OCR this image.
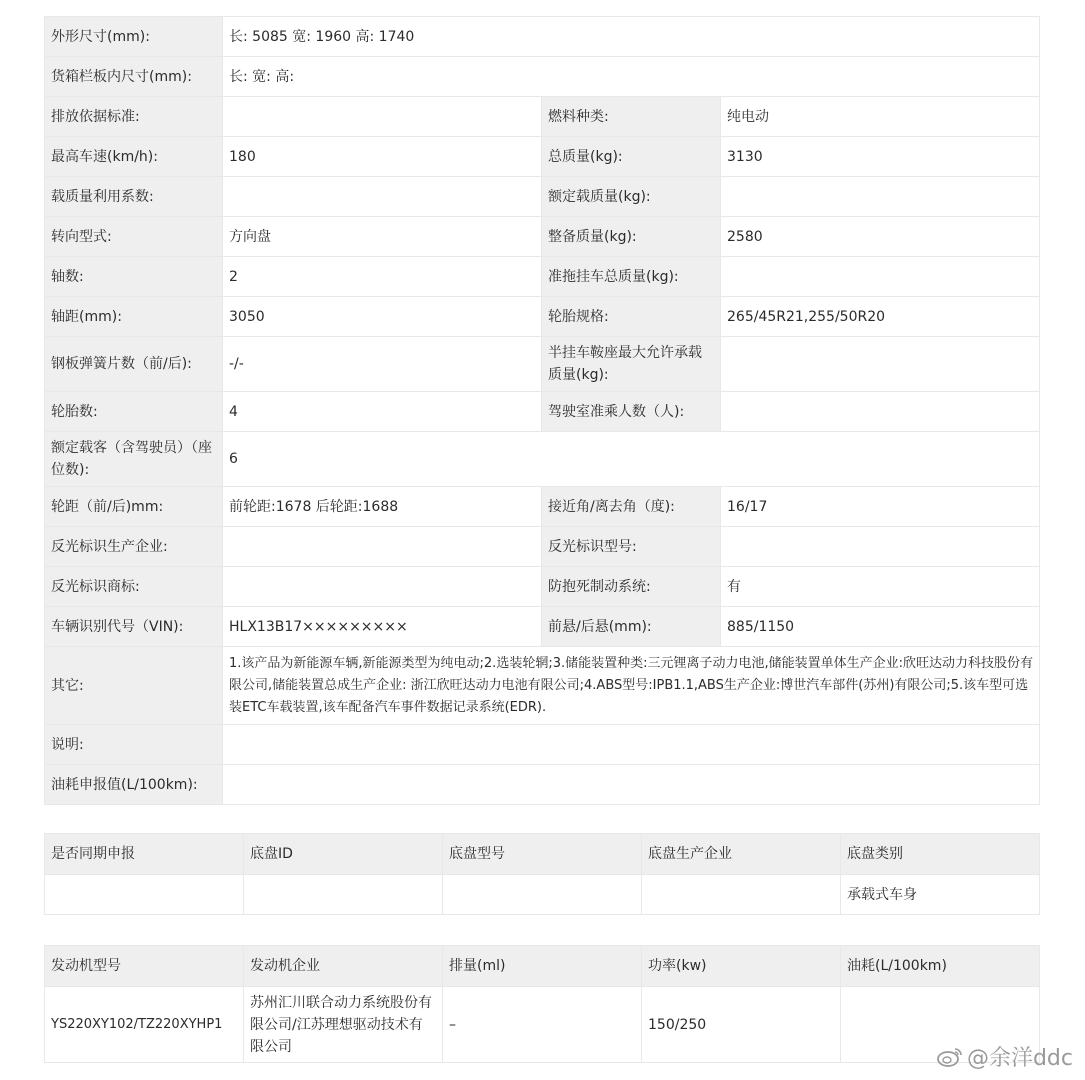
外形尺寸(mm):	长: 5085 宽: 1960 高: 1740		
货箱栏板内尺寸(mm):	长: 宽: 高:		
排放依据标准:		燃料种类:	纯电动
最高车速(km/h):	180	总质量(kg):	3130
载质量利用系数:		额定载质量(kg):	
转向型式:	方向盘	整备质量(kg):	2580
轴数:	2	准拖挂车总质量(kg):	
轴距(mm):	3050	轮胎规格:	265/45R21,255/50R20
钢板弹簧片数（前/后):	-/-	半挂车鞍座最大允许承载质量(kg):	
轮胎数:	4	驾驶室准乘人数（人):	
额定载客（含驾驶员）（座位数):	6		
轮距（前/后)mm:	前轮距:1678 后轮距:1688	接近角/离去角（度):	16/17
反光标识生产企业:		反光标识型号:	
反光标识商标:		防抱死制动系统:	有
车辆识别代号（VIN):	HLX13B17×××××××××	前悬/后悬(mm):	885/1150
其它:	1.该产品为新能源车辆,新能源类型为纯电动;2.选装轮辋;3.储能装置种类:三元锂离子动力电池,储能装置单体生产企业:欣旺达动力科技股份有限公司,储能装置总成生产企业: 浙江欣旺达动力电池有限公司;4.ABS型号:IPB1.1,ABS生产企业:博世汽车部件(苏州)有限公司;5.该车型可选装ETC车载装置,该车配备汽车事件数据记录系统(EDR).		
说明:			
油耗申报值(L/100km):			
是否同期申报	底盘ID	底盘型号	底盘生产企业	底盘类别
				承载式车身
发动机型号	发动机企业	排量(ml)	功率(kw)	油耗(L/100km)
YS220XY102/TZ220XYHP1	苏州汇川联合动力系统股份有限公司/江苏理想驱动技术有限公司	–	150/250	
@余洋ddc
